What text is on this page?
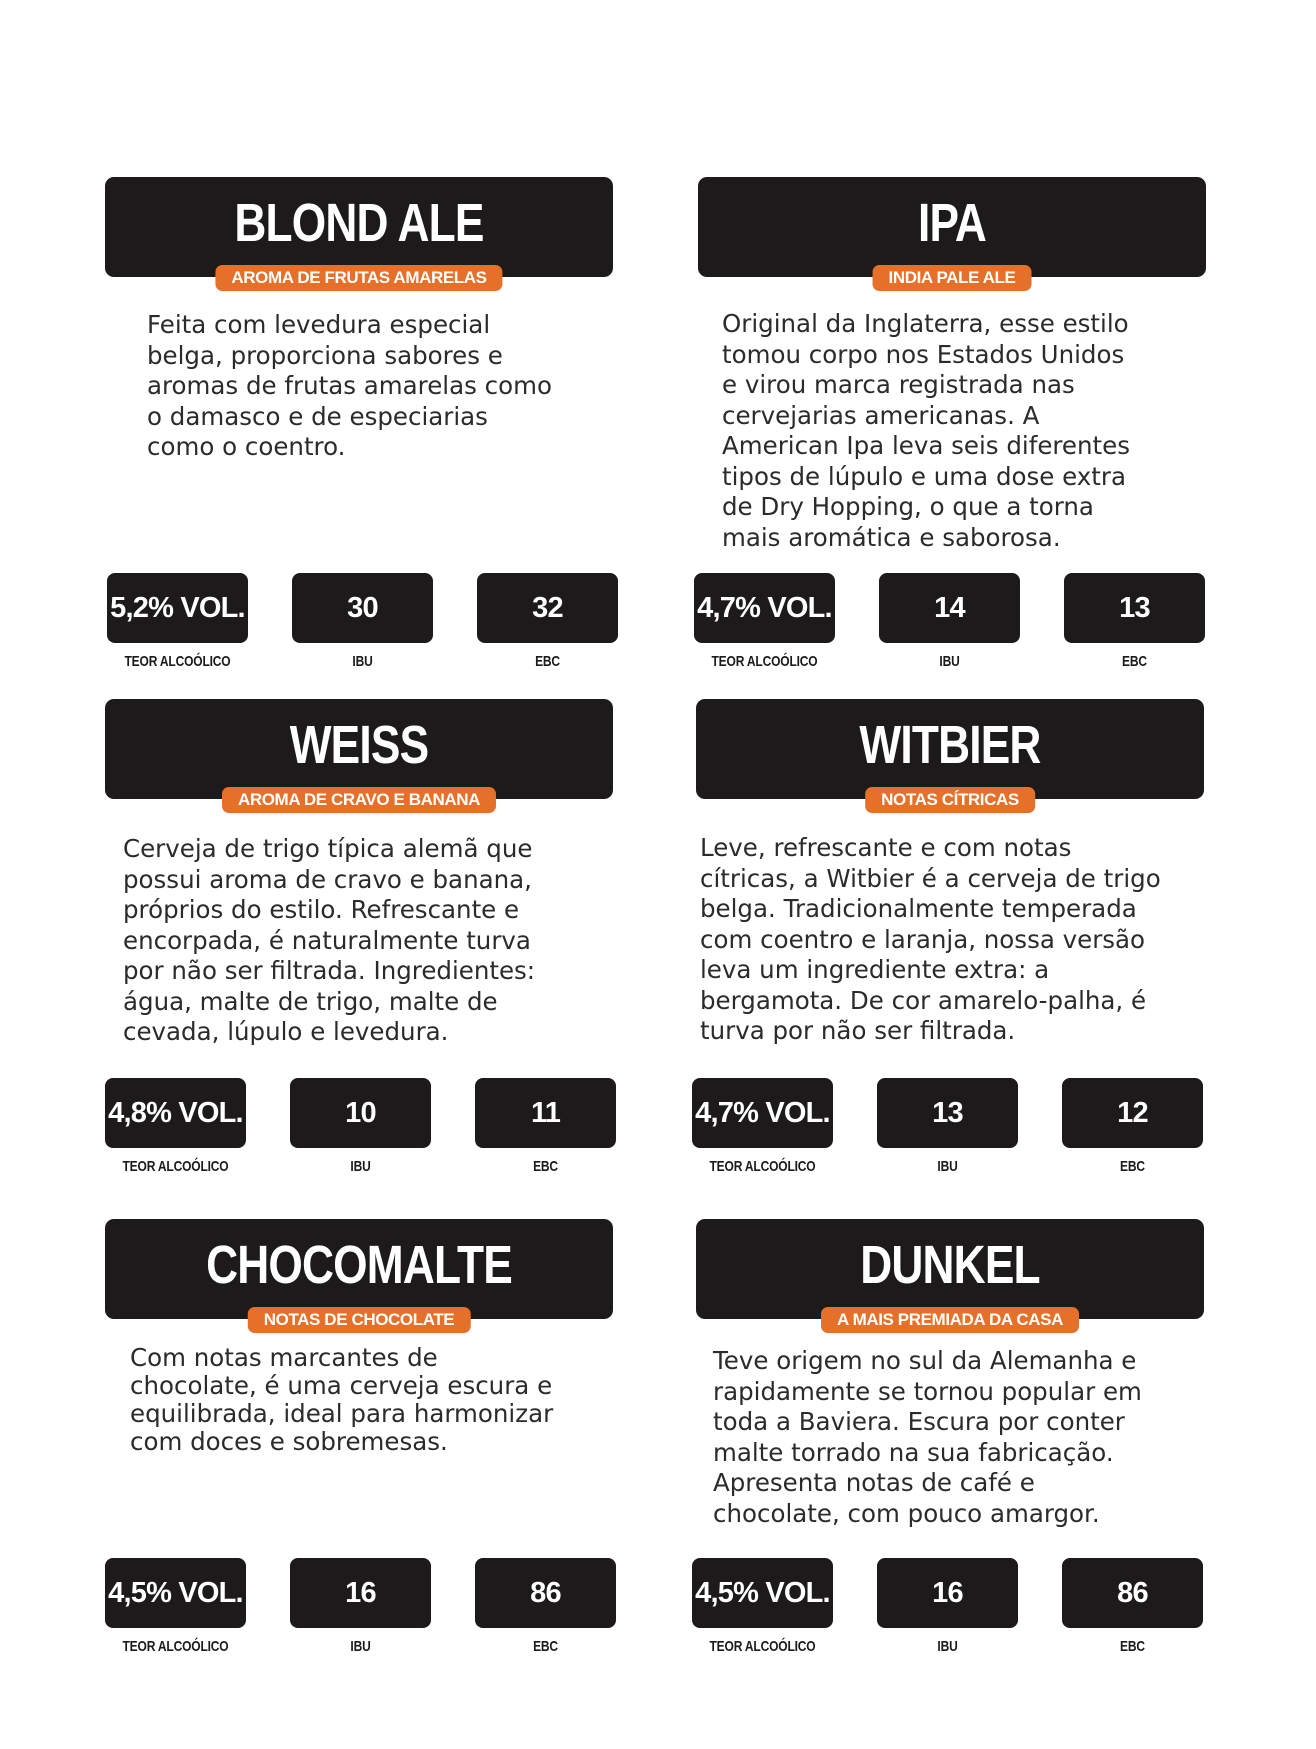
BLOND ALE
AROMA DE FRUTAS AMARELAS

Feita com levedura especial
belga, proporciona sabores e
aromas de frutas amarelas como
o damasco e de especiarias
como o coentro.

5,2% VOL.
TEOR ALCOÓLICO
30
IBU
32
EBC
IPA
INDIA PALE ALE

Original da Inglaterra, esse estilo
tomou corpo nos Estados Unidos
e virou marca registrada nas
cervejarias americanas. A
American Ipa leva seis diferentes
tipos de lúpulo e uma dose extra
de Dry Hopping, o que a torna
mais aromática e saborosa.

4,7% VOL.
TEOR ALCOÓLICO
14
IBU
13
EBC
WEISS
AROMA DE CRAVO E BANANA

Cerveja de trigo típica alemã que
possui aroma de cravo e banana,
próprios do estilo. Refrescante e
encorpada, é naturalmente turva
por não ser filtrada. Ingredientes:
água, malte de trigo, malte de
cevada, lúpulo e levedura.

4,8% VOL.
TEOR ALCOÓLICO
10
IBU
11
EBC
WITBIER
NOTAS CÍTRICAS

Leve, refrescante e com notas
cítricas, a Witbier é a cerveja de trigo
belga. Tradicionalmente temperada
com coentro e laranja, nossa versão
leva um ingrediente extra: a
bergamota. De cor amarelo-palha, é
turva por não ser filtrada.

4,7% VOL.
TEOR ALCOÓLICO
13
IBU
12
EBC
CHOCOMALTE
NOTAS DE CHOCOLATE

Com notas marcantes de
chocolate, é uma cerveja escura e
equilibrada, ideal para harmonizar
com doces e sobremesas.

4,5% VOL.
TEOR ALCOÓLICO
16
IBU
86
EBC
DUNKEL
A MAIS PREMIADA DA CASA

Teve origem no sul da Alemanha e
rapidamente se tornou popular em
toda a Baviera. Escura por conter
malte torrado na sua fabricação.
Apresenta notas de café e
chocolate, com pouco amargor.

4,5% VOL.
TEOR ALCOÓLICO
16
IBU
86
EBC
